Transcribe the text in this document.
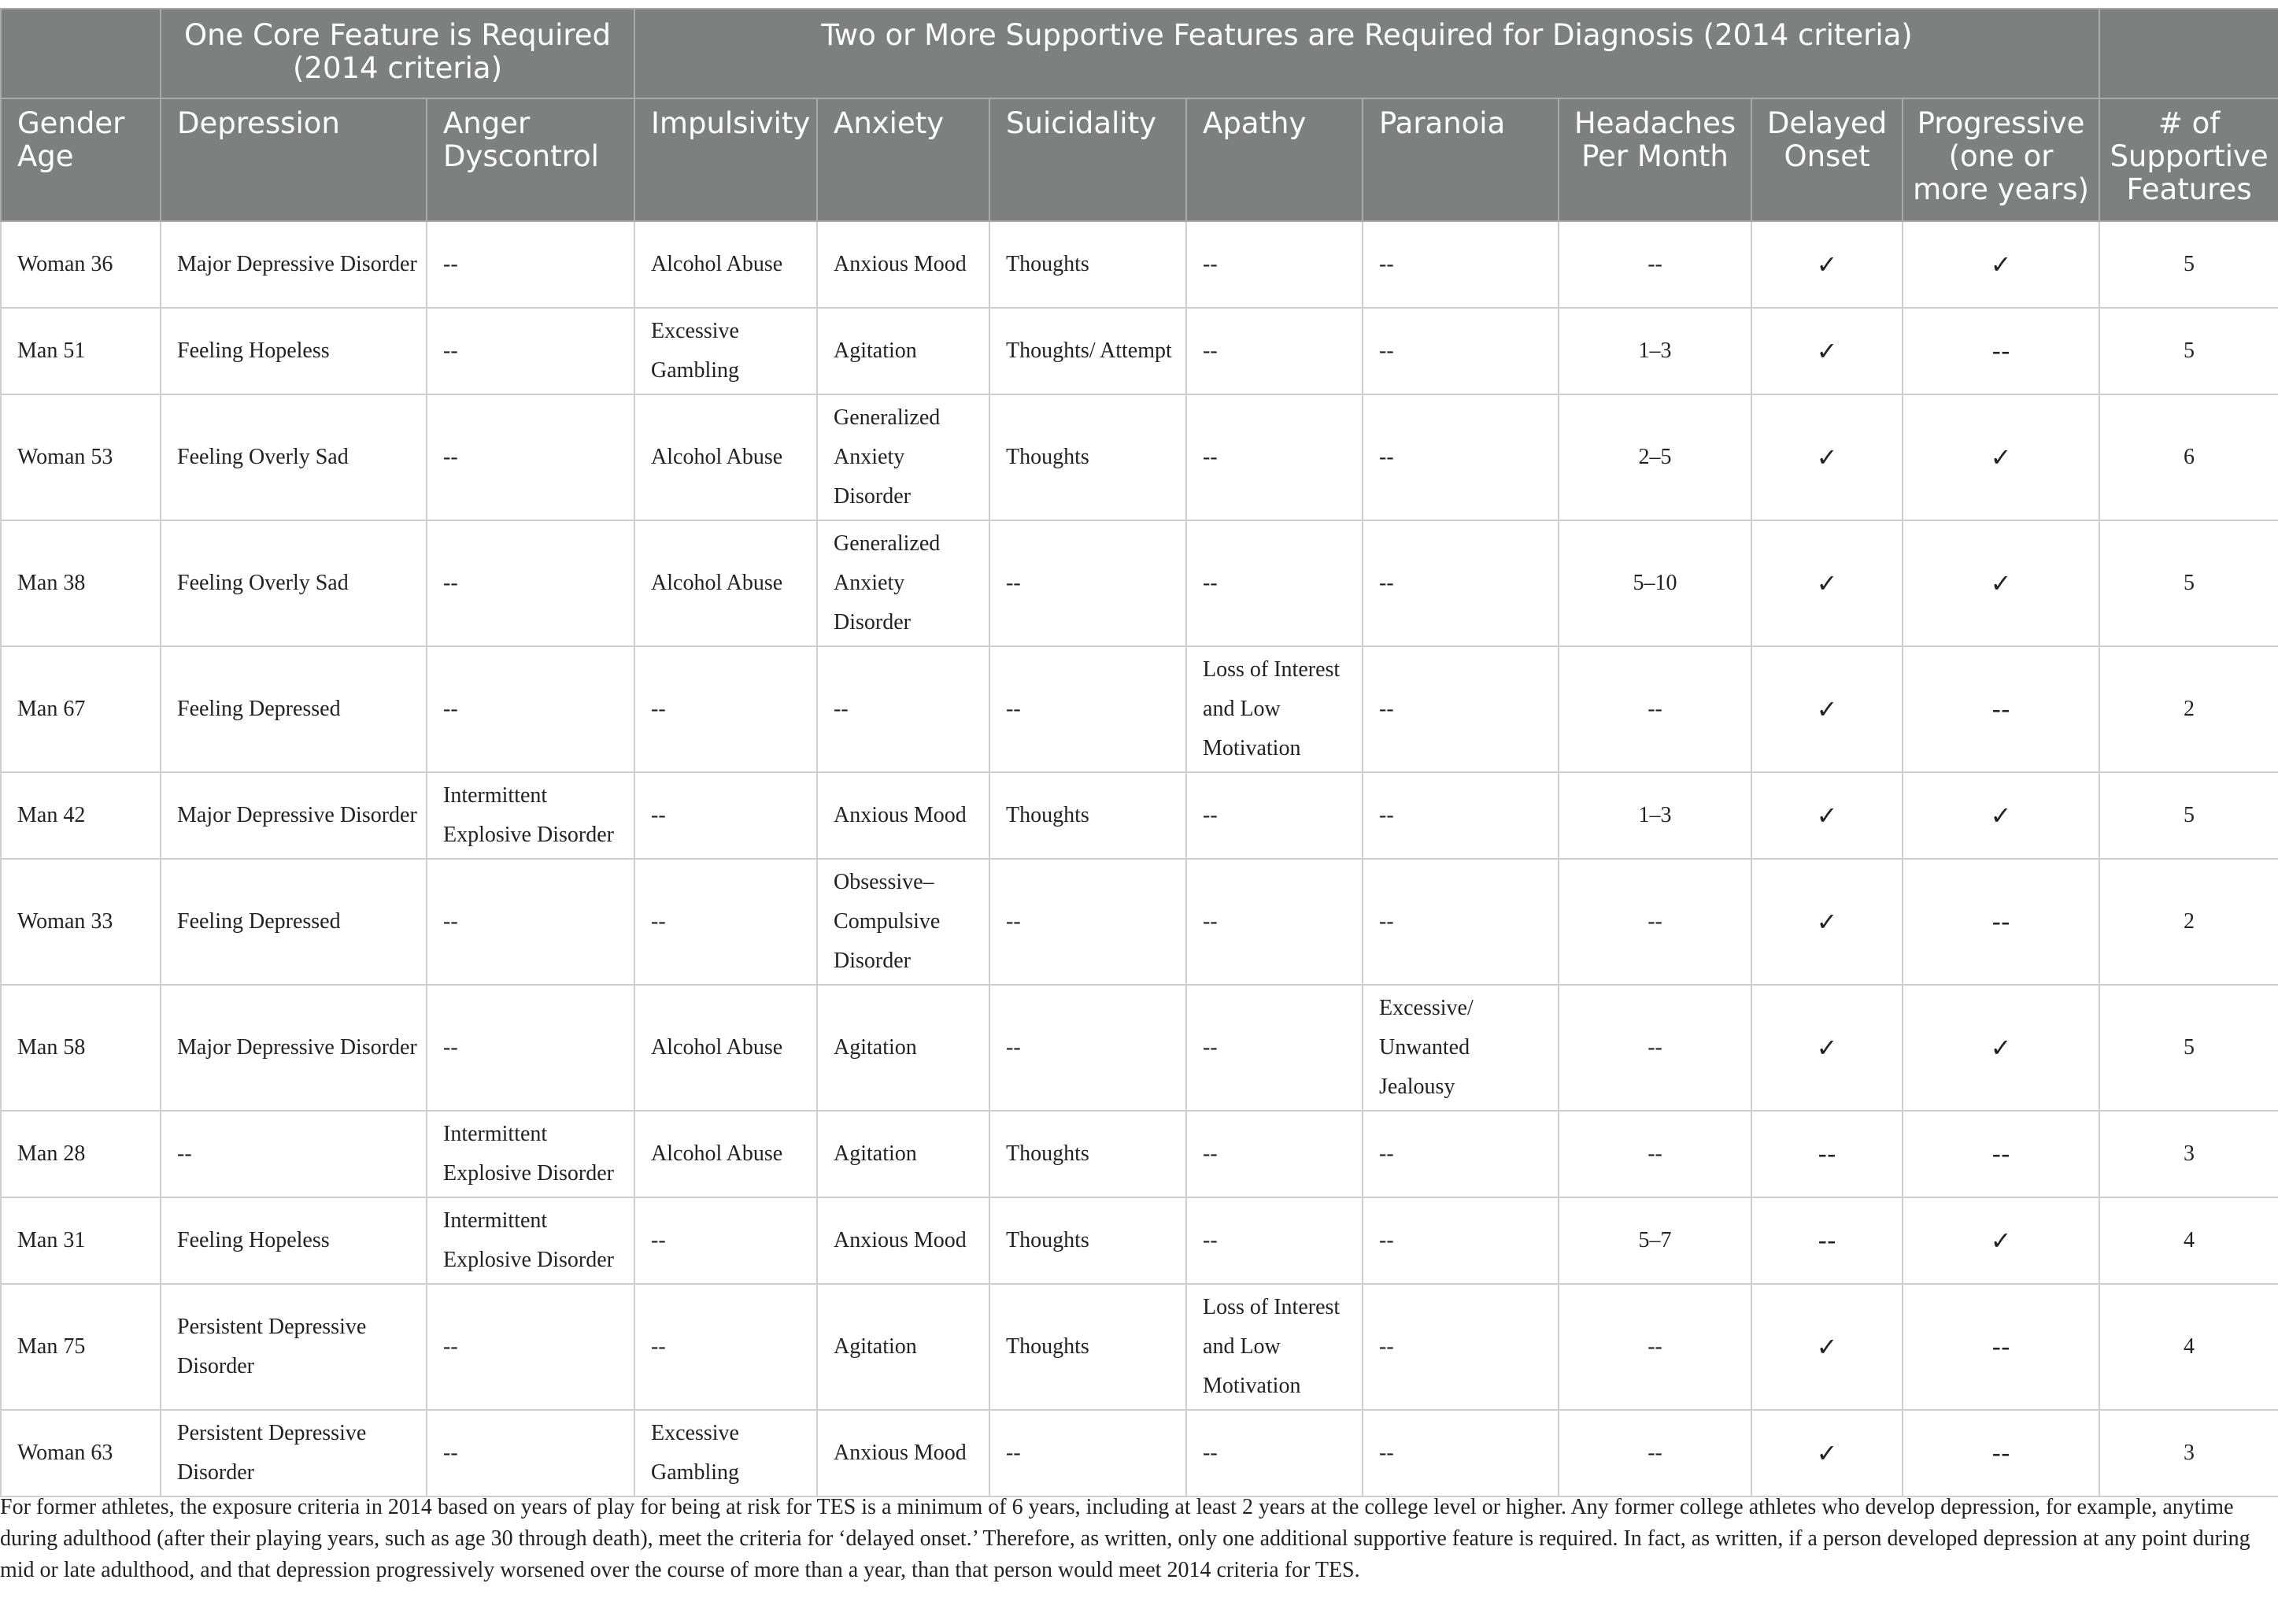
	One Core Feature is Required (2014 criteria)		Two or More Supportive Features are Required for Diagnosis (2014 criteria)								
Gender Age	Depression	Anger Dyscontrol	Impulsivity	Anxiety	Suicidality	Apathy	Paranoia	Headaches Per Month	Delayed Onset	Progressive (one or more years)	# of Supportive Features
Woman 36	Major Depressive Disorder	--	Alcohol Abuse	Anxious Mood	Thoughts	--	--	--	✓	✓	5
Man 51	Feeling Hopeless	--	Excessive Gambling	Agitation	Thoughts/ Attempt	--	--	1–3	✓	--	5
Woman 53	Feeling Overly Sad	--	Alcohol Abuse	Generalized Anxiety Disorder	Thoughts	--	--	2–5	✓	✓	6
Man 38	Feeling Overly Sad	--	Alcohol Abuse	Generalized Anxiety Disorder	--	--	--	5–10	✓	✓	5
Man 67	Feeling Depressed	--	--	--	--	Loss of Interest and Low Motivation	--	--	✓	--	2
Man 42	Major Depressive Disorder	Intermittent Explosive Disorder	--	Anxious Mood	Thoughts	--	--	1–3	✓	✓	5
Woman 33	Feeling Depressed	--	--	Obsessive–Compulsive Disorder	--	--	--	--	✓	--	2
Man 58	Major Depressive Disorder	--	Alcohol Abuse	Agitation	--	--	Excessive/ Unwanted Jealousy	--	✓	✓	5
Man 28	--	Intermittent Explosive Disorder	Alcohol Abuse	Agitation	Thoughts	--	--	--	--	--	3
Man 31	Feeling Hopeless	Intermittent Explosive Disorder	--	Anxious Mood	Thoughts	--	--	5–7	--	✓	4
Man 75	Persistent Depressive Disorder	--	--	Agitation	Thoughts	Loss of Interest and Low Motivation	--	--	✓	--	4
Woman 63	Persistent Depressive Disorder	--	Excessive Gambling	Anxious Mood	--	--	--	--	✓	--	3

For former athletes, the exposure criteria in 2014 based on years of play for being at risk for TES is a minimum of 6 years, including at least 2 years at the college level or higher. Any former college athletes who develop depression, for example, anytime during adulthood (after their playing years, such as age 30 through death), meet the criteria for ‘delayed onset.’ Therefore, as written, only one additional supportive feature is required. In fact, as written, if a person developed depression at any point during mid or late adulthood, and that depression progressively worsened over the course of more than a year, than that person would meet 2014 criteria for TES.
